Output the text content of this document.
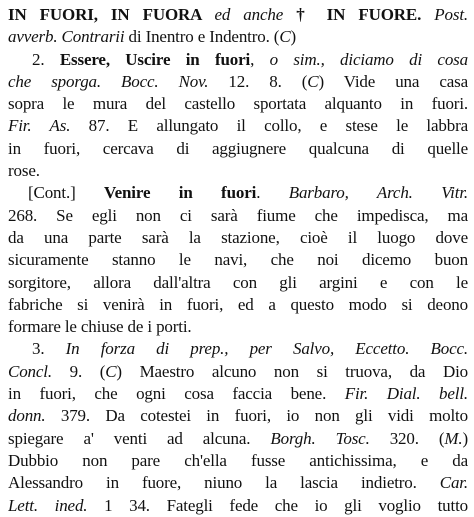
IN FUORI, IN FUORA ed anche † IN FUORE. Post.
avverb. Contrarii di Inentro e Indentro. (C)
2. Essere, Uscire in fuori, o sim., diciamo di cosa
che sporga. Bocc. Nov. 12. 8. (C) Vide una casa
sopra le mura del castello sportata alquanto in fuori.
Fir. As. 87. E allungato il collo, e stese le labbra
in fuori, cercava di aggiugnere qualcuna di quelle
rose.
[Cont.] Venire in fuori. Barbaro, Arch. Vitr.
268. Se egli non ci sarà fiume che impedisca, ma
da una parte sarà la stazione, cioè il luogo dove
sicuramente stanno le navi, che noi dicemo buon
sorgitore, allora dall'altra con gli argini e con le
fabriche si venirà in fuori, ed a questo modo si deono
formare le chiuse de i porti.
3. In forza di prep., per Salvo, Eccetto. Bocc.
Concl. 9. (C) Maestro alcuno non si truova, da Dio
in fuori, che ogni cosa faccia bene. Fir. Dial. bell.
donn. 379. Da cotestei in fuori, io non gli vidi molto
spiegare a' venti ad alcuna. Borgh. Tosc. 320. (M.)
Dubbio non pare ch'ella fusse antichissima, e da
Alessandro in fuore, niuno la lascia indietro. Car.
Lett. ined. 1 34. Fategli fede che io gli voglio tutto
